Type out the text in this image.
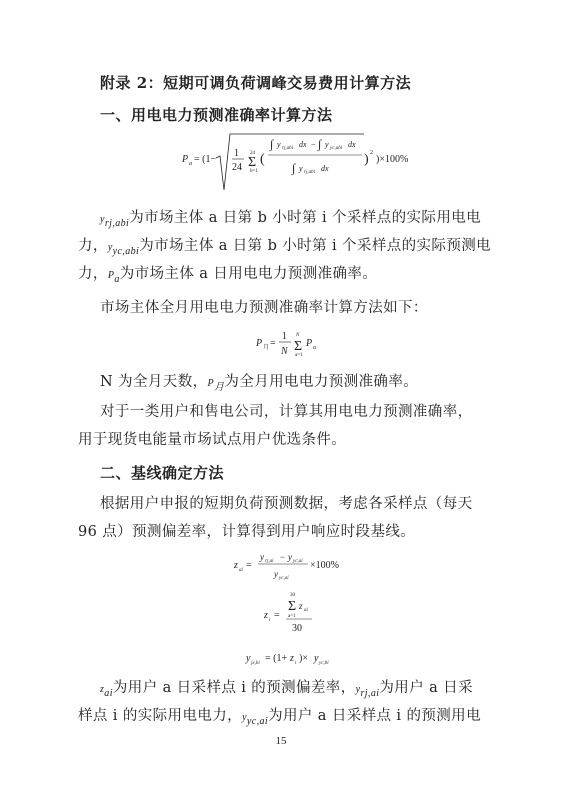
附录 2：短期可调负荷调峰交易费用计算方法
一、用电电力预测准确率计算方法
P a = (1−
1
24 Σ
24
b=1
(
∫ y rj,abi dx − ∫ y yc,abi dx
∫ y rj,abi dx
) 2
)×100%
$y_{rj,abi}$为市场主体 a 日第 b 小时第 i 个采样点的实际用电电
力，$y_{yc,abi}$为市场主体 a 日第 b 小时第 i 个采样点的实际预测电
力，$P_a$为市场主体 a 日用电电力预测准确率。
市场主体全月用电电力预测准确率计算方法如下：
P 月 =
1
N Σ
N
a=1
P a
N 为全月天数，$P_月$为全月用电电力预测准确率。
对于一类用户和售电公司，计算其用电电力预测准确率，
用于现货电能量市场试点用户优选条件。
二、基线确定方法
根据用户申报的短期负荷预测数据，考虑各采样点（每天
96 点）预测偏差率，计算得到用户响应时段基线。
z ai =
y rj,ai − y yc,ai
y yc,ai
×100%
z i =
30
Σ z ai
a=1
30
y jx,bi = (1+ z i )× y yc,bi
$z_{ai}$为用户 a 日采样点 i 的预测偏差率，$y_{rj,ai}$为用户 a 日采
样点 i 的实际用电电力，$y_{yc,ai}$为用户 a 日采样点 i 的预测用电
15
